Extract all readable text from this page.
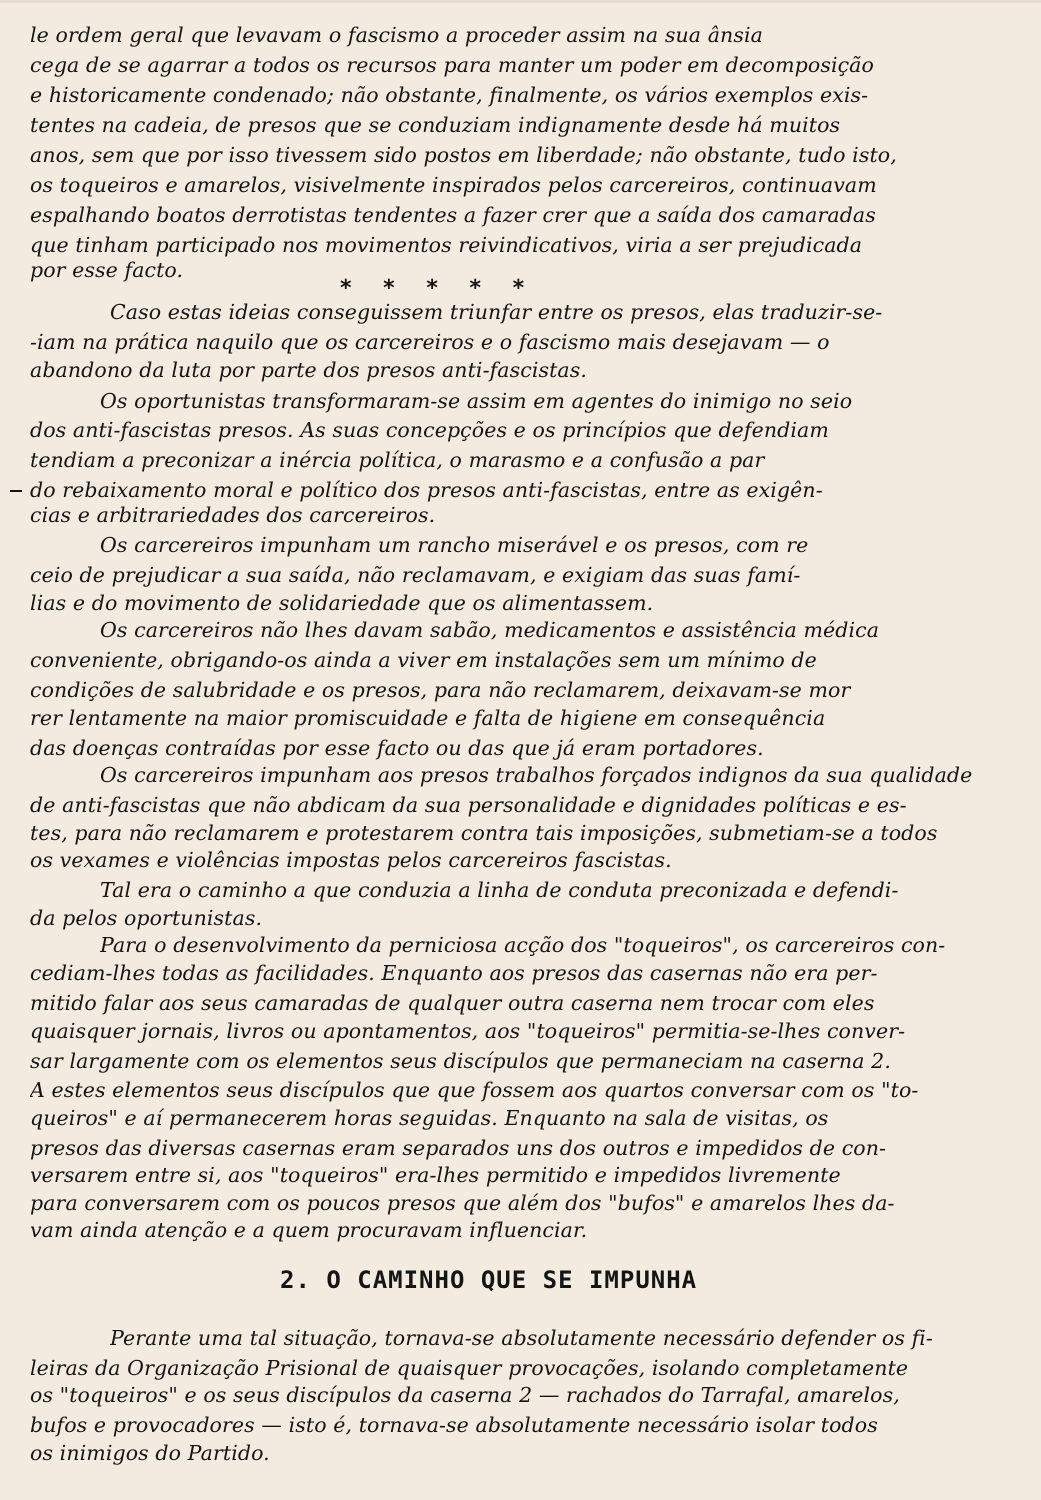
le ordem geral que levavam o fascismo a proceder assim na sua ânsia
cega de se agarrar a todos os recursos para manter um poder em decomposição
e historicamente condenado; não obstante, finalmente, os vários exemplos exis-
tentes na cadeia, de presos que se conduziam indignamente desde há muitos
anos, sem que por isso tivessem sido postos em liberdade; não obstante, tudo isto,
os toqueiros e amarelos, visivelmente inspirados pelos carcereiros, continuavam
espalhando boatos derrotistas tendentes a fazer crer que a saída dos camaradas
que tinham participado nos movimentos reivindicativos, viria a ser prejudicada
por esse facto.
* * * * *
Caso estas ideias conseguissem triunfar entre os presos, elas traduzir-se-
-iam na prática naquilo que os carcereiros e o fascismo mais desejavam — o
abandono da luta por parte dos presos anti-fascistas.
Os oportunistas transformaram-se assim em agentes do inimigo no seio
dos anti-fascistas presos. As suas concepções e os princípios que defendiam
tendiam a preconizar a inércia política, o marasmo e a confusão a par
do rebaixamento moral e político dos presos anti-fascistas, entre as exigên-
cias e arbitrariedades dos carcereiros.
Os carcereiros impunham um rancho miserável e os presos, com re
ceio de prejudicar a sua saída, não reclamavam, e exigiam das suas famí-
lias e do movimento de solidariedade que os alimentassem.
Os carcereiros não lhes davam sabão, medicamentos e assistência médica
conveniente, obrigando-os ainda a viver em instalações sem um mínimo de
condições de salubridade e os presos, para não reclamarem, deixavam-se mor
rer lentamente na maior promiscuidade e falta de higiene em consequência
das doenças contraídas por esse facto ou das que já eram portadores.
Os carcereiros impunham aos presos trabalhos forçados indignos da sua qualidade
de anti-fascistas que não abdicam da sua personalidade e dignidades políticas e es-
tes, para não reclamarem e protestarem contra tais imposições, submetiam-se a todos
os vexames e violências impostas pelos carcereiros fascistas.
Tal era o caminho a que conduzia a linha de conduta preconizada e defendi-
da pelos oportunistas.
Para o desenvolvimento da perniciosa acção dos "toqueiros", os carcereiros con-
cediam-lhes todas as facilidades. Enquanto aos presos das casernas não era per-
mitido falar aos seus camaradas de qualquer outra caserna nem trocar com eles
quaisquer jornais, livros ou apontamentos, aos "toqueiros" permitia-se-lhes conver-
sar largamente com os elementos seus discípulos que permaneciam na caserna 2.
A estes elementos seus discípulos que que fossem aos quartos conversar com os "to-
queiros" e aí permanecerem horas seguidas. Enquanto na sala de visitas, os
presos das diversas casernas eram separados uns dos outros e impedidos de con-
versarem entre si, aos "toqueiros" era-lhes permitido e impedidos livremente
para conversarem com os poucos presos que além dos "bufos" e amarelos lhes da-
vam ainda atenção e a quem procuravam influenciar.
2. O CAMINHO QUE SE IMPUNHA
Perante uma tal situação, tornava-se absolutamente necessário defender os fi-
leiras da Organização Prisional de quaisquer provocações, isolando completamente
os "toqueiros" e os seus discípulos da caserna 2 — rachados do Tarrafal, amarelos,
bufos e provocadores — isto é, tornava-se absolutamente necessário isolar todos
os inimigos do Partido.
